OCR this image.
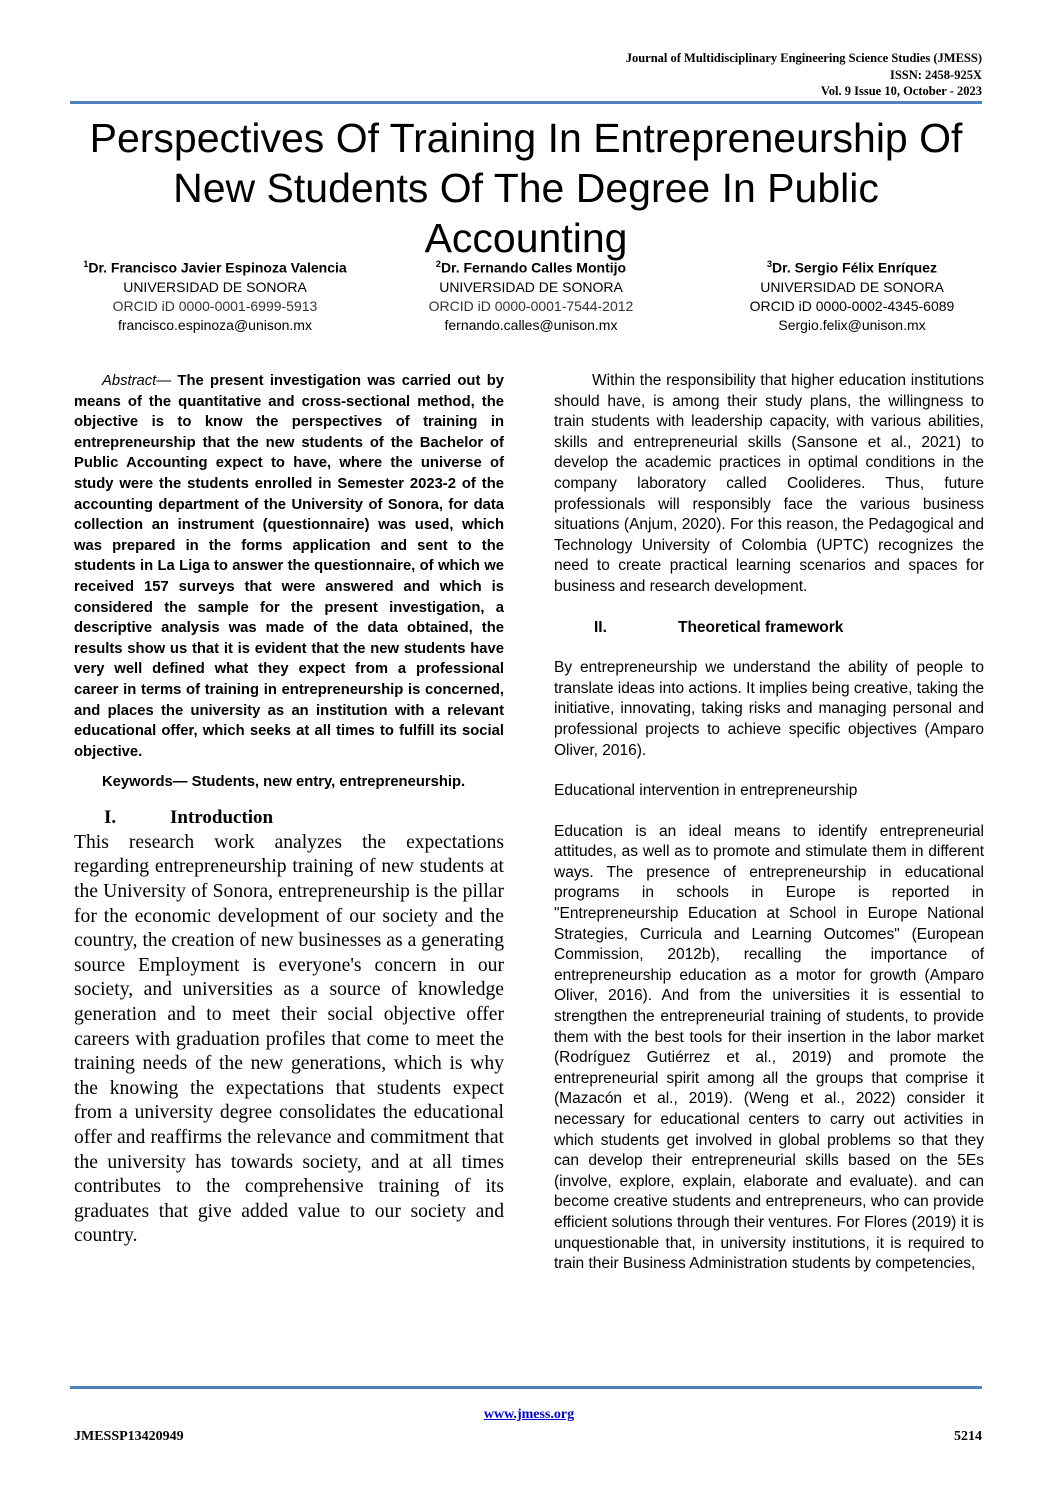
Journal of Multidisciplinary Engineering Science Studies (JMESS)
ISSN: 2458-925X
Vol. 9 Issue 10, October - 2023
Perspectives Of Training In Entrepreneurship Of New Students Of The Degree In Public Accounting
$^1$Dr. Francisco Javier Espinoza Valencia
UNIVERSIDAD DE SONORA
ORCID iD 0000-0001-6999-5913
francisco.espinoza@unison.mx
$^2$Dr. Fernando Calles Montijo
UNIVERSIDAD DE SONORA
ORCID iD 0000-0001-7544-2012
fernando.calles@unison.mx
$^3$Dr. Sergio Félix Enríquez
UNIVERSIDAD DE SONORA
ORCID iD 0000-0002-4345-6089
Sergio.felix@unison.mx

Abstract— The present investigation was carried out by means of the quantitative and cross-sectional method, the objective is to know the perspectives of training in entrepreneurship that the new students of the Bachelor of Public Accounting expect to have, where the universe of study were the students enrolled in Semester 2023-2 of the accounting department of the University of Sonora, for data collection an instrument (questionnaire) was used, which was prepared in the forms application and sent to the students in La Liga to answer the questionnaire, of which we received 157 surveys that were answered and which is considered the sample for the present investigation, a descriptive analysis was made of the data obtained, the results show us that it is evident that the new students have very well defined what they expect from a professional career in terms of training in entrepreneurship is concerned, and places the university as an institution with a relevant educational offer, which seeks at all times to fulfill its social objective.

Keywords— Students, new entry, entrepreneurship.

I.	Introduction

This research work analyzes the expectations regarding entrepreneurship training of new students at the University of Sonora, entrepreneurship is the pillar for the economic development of our society and the country, the creation of new businesses as a generating source Employment is everyone's concern in our society, and universities as a source of knowledge generation and to meet their social objective offer careers with graduation profiles that come to meet the training needs of the new generations, which is why the knowing the expectations that students expect from a university degree consolidates the educational offer and reaffirms the relevance and commitment that the university has towards society, and at all times contributes to the comprehensive training of its graduates that give added value to our society and country.

Within the responsibility that higher education institutions should have, is among their study plans, the willingness to train students with leadership capacity, with various abilities, skills and entrepreneurial skills (Sansone et al., 2021) to develop the academic practices in optimal conditions in the company laboratory called Coolideres. Thus, future professionals will responsibly face the various business situations (Anjum, 2020). For this reason, the Pedagogical and Technology University of Colombia (UPTC) recognizes the need to create practical learning scenarios and spaces for business and research development.

II.	Theoretical framework

By entrepreneurship we understand the ability of people to translate ideas into actions. It implies being creative, taking the initiative, innovating, taking risks and managing personal and professional projects to achieve specific objectives (Amparo Oliver, 2016).

Educational intervention in entrepreneurship

Education is an ideal means to identify entrepreneurial attitudes, as well as to promote and stimulate them in different ways. The presence of entrepreneurship in educational programs in schools in Europe is reported in "Entrepreneurship Education at School in Europe National Strategies, Curricula and Learning Outcomes" (European Commission, 2012b), recalling the importance of entrepreneurship education as a motor for growth (Amparo Oliver, 2016). And from the universities it is essential to strengthen the entrepreneurial training of students, to provide them with the best tools for their insertion in the labor market (Rodríguez Gutiérrez et al., 2019) and promote the entrepreneurial spirit among all the groups that comprise it (Mazacón et al., 2019). (Weng et al., 2022) consider it necessary for educational centers to carry out activities in which students get involved in global problems so that they can develop their entrepreneurial skills based on the 5Es (involve, explore, explain, elaborate and evaluate). and can become creative students and entrepreneurs, who can provide efficient solutions through their ventures. For Flores (2019) it is unquestionable that, in university institutions, it is required to train their Business Administration students by competencies,

www.jmess.org
JMESSP13420949	5214
